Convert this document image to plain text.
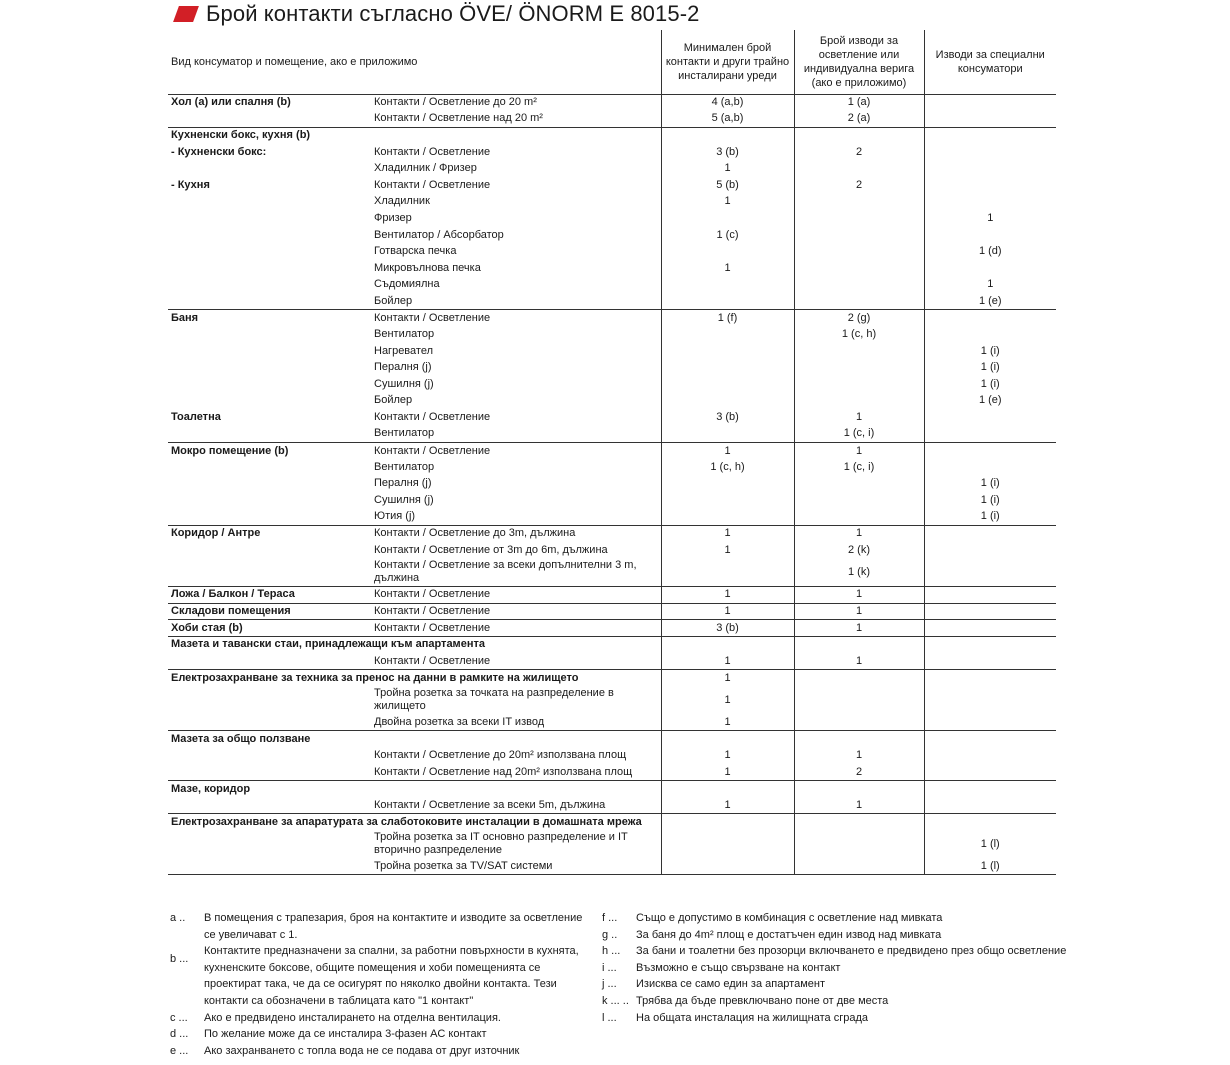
Брой контакти съгласно ÖVE/ ÖNORM E 8015-2
Вид консуматор и помещение, ако е приложимо		Минимален брой контакти и други трайно инсталирани уреди	Брой изводи за осветление или индивидуална верига (ако е приложимо)	Изводи за специални консуматори
Хол (а) или спалня (b)	Контакти / Осветление до 20 m²	4 (a,b)	1 (a)	
	Контакти / Осветление над 20 m²	5 (a,b)	2 (a)	
Кухненски бокс, кухня (b)				
- Кухненски бокс:	Контакти / Осветление	3 (b)	2	
	Хладилник / Фризер	1		
- Кухня	Контакти / Осветление	5 (b)	2	
	Хладилник	1		
	Фризер			1
	Вентилатор / Абсорбатор	1 (c)		
	Готварска печка			1 (d)
	Микровълнова печка	1		
	Съдомиялна			1
	Бойлер			1 (e)
Баня	Контакти / Осветление	1 (f)	2 (g)	
	Вентилатор		1 (c, h)	
	Нагревател			1 (i)
	Пералня (j)			1 (i)
	Сушилня (j)			1 (i)
	Бойлер			1 (e)
Тоалетна	Контакти / Осветление	3 (b)	1	
	Вентилатор		1 (c, i)	
Мокро помещение (b)	Контакти / Осветление	1	1	
	Вентилатор	1 (c, h)	1 (c, i)	
	Пералня (j)			1 (i)
	Сушилня (j)			1 (i)
	Ютия (j)			1 (i)
Коридор / Антре	Контакти / Осветление до 3m, дължина	1	1	
	Контакти / Осветление от 3m до 6m, дължина	1	2 (k)	
	Контакти / Осветление за всеки допълнителни 3 m, дължина		1 (k)	
Ложа / Балкон / Тераса	Контакти / Осветление	1	1	
Складови помещения	Контакти / Осветление	1	1	
Хоби стая (b)	Контакти / Осветление	3 (b)	1	
Мазета и тавански стаи, принадлежащи към апартамента				
	Контакти / Осветление	1	1	
Електрозахранване за техника за пренос на данни в рамките на жилището		1		
	Тройна розетка за точката на разпределение в жилището	1		
	Двойна розетка за всеки IT извод	1		
Мазета за общо ползване				
	Контакти / Осветление до 20m² използвана площ	1	1	
	Контакти / Осветление над 20m² използвана площ	1	2	
Мазе, коридор				
	Контакти / Осветление за всеки 5m, дължина	1	1	
Електрозахранване за апаратурата за слаботоковите инсталации в домашната мрежа				
	Тройна розетка за IT основно разпределение и IT вторично разпределение			1 (l)
	Тройна розетка за TV/SAT системи			1 (l)
a ..	В помещения с трапезария, броя на контактите и изводите за осветление се увеличават с 1.
b ...
Контактите предназначени за спални, за работни повърхности в кухнята, кухненските боксове, общите помещения и хоби помещенията се проектират така, че да се осигурят по няколко двойни контакта. Тези контакти са обозначени в таблицата като "1 контакт"
c ...	Ако е предвидено инсталирането на отделна вентилация.
d ...	По желание може да се инсталира 3-фазен AC контакт
e ...	Ако захранването с топла вода не се подава от друг източник
f ...	Също е допустимо в комбинация с осветление над мивката
g ..	За баня до 4m² площ е достатъчен един извод над мивката
h ...	За бани и тоалетни без прозорци включването е предвидено през общо осветление
i ...	Възможно е също свързване на контакт
j ...	Изисква се само един за апартамент
k ... .. Трябва да бъде превключвано поне от две места
l ...	На общата инсталация на жилищната сграда
